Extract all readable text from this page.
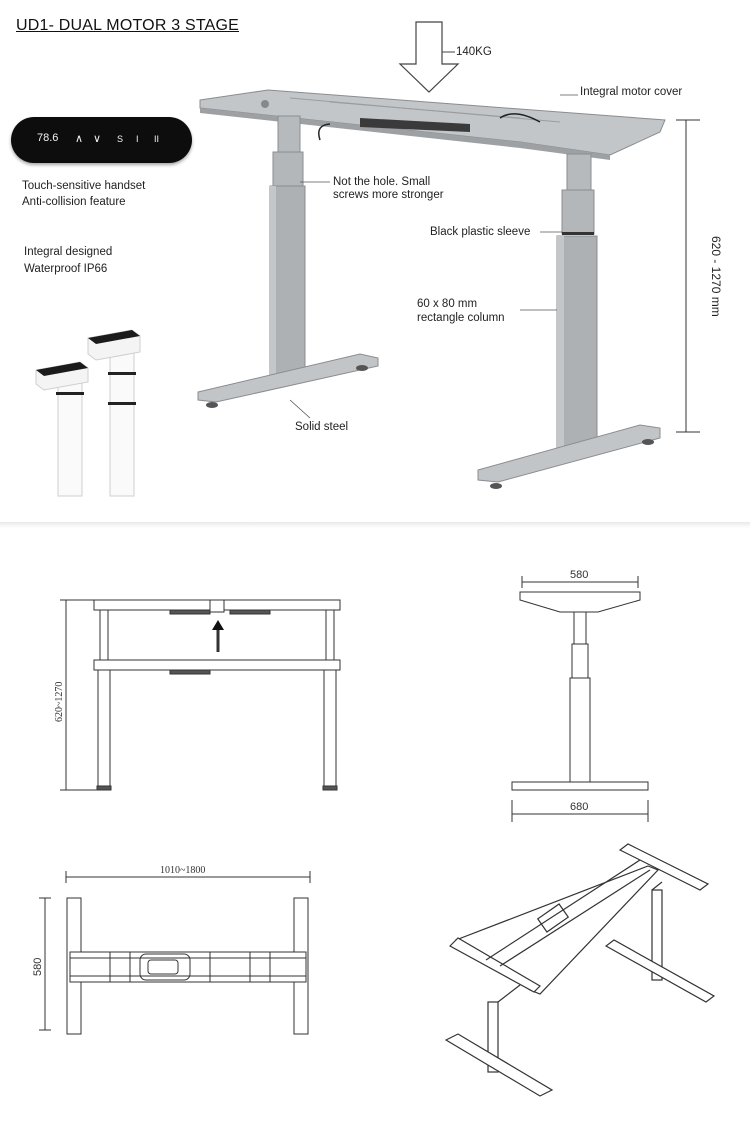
UD1- DUAL MOTOR 3 STAGE
620 - 1270 mm
78.6 ∧ ∨ S I II
Touch-sensitive handset
Anti-collision feature
Integral designed
Waterproof IP66
140KG
Integral motor cover
Not the hole. Small
screws more stronger
Black plastic sleeve
60 x 80 mm
rectangle column
Solid steel
620~1270
580
680
1010~1800
580
